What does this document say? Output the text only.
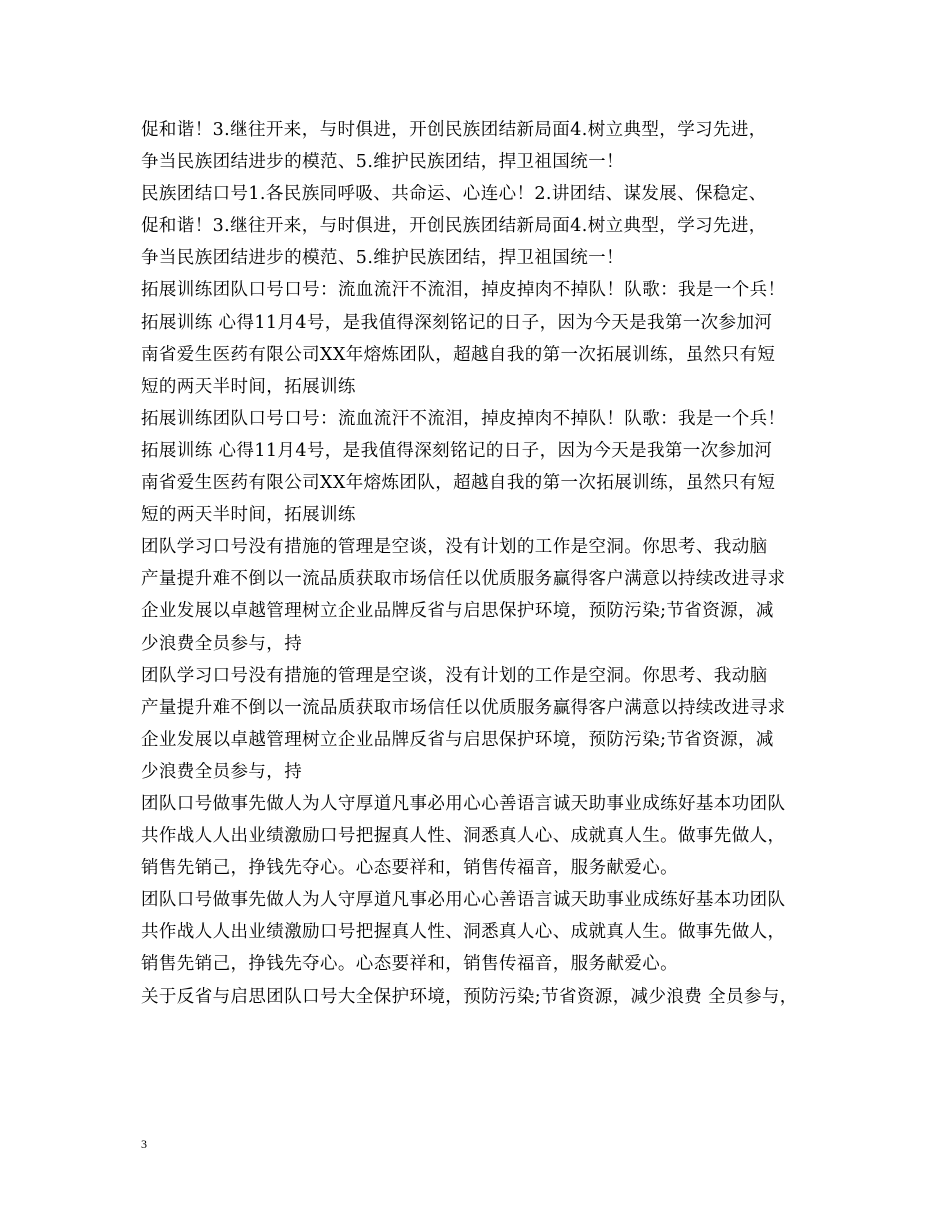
促和谐！3.继往开来，与时俱进，开创民族团结新局面4.树立典型，学习先进，
争当民族团结进步的模范、5.维护民族团结，捍卫祖国统一！
民族团结口号1.各民族同呼吸、共命运、心连心！2.讲团结、谋发展、保稳定、
促和谐！3.继往开来，与时俱进，开创民族团结新局面4.树立典型，学习先进，
争当民族团结进步的模范、5.维护民族团结，捍卫祖国统一！
拓展训练团队口号口号：流血流汗不流泪，掉皮掉肉不掉队！队歌：我是一个兵！
拓展训练 心得11月4号，是我值得深刻铭记的日子，因为今天是我第一次参加河
南省爱生医药有限公司XX年熔炼团队，超越自我的第一次拓展训练，虽然只有短
短的两天半时间，拓展训练
拓展训练团队口号口号：流血流汗不流泪，掉皮掉肉不掉队！队歌：我是一个兵！
拓展训练 心得11月4号，是我值得深刻铭记的日子，因为今天是我第一次参加河
南省爱生医药有限公司XX年熔炼团队，超越自我的第一次拓展训练，虽然只有短
短的两天半时间，拓展训练
团队学习口号没有措施的管理是空谈，没有计划的工作是空洞。你思考、我动脑
产量提升难不倒以一流品质获取市场信任以优质服务赢得客户满意以持续改进寻求
企业发展以卓越管理树立企业品牌反省与启思保护环境，预防污染;节省资源，减
少浪费全员参与，持
团队学习口号没有措施的管理是空谈，没有计划的工作是空洞。你思考、我动脑
产量提升难不倒以一流品质获取市场信任以优质服务赢得客户满意以持续改进寻求
企业发展以卓越管理树立企业品牌反省与启思保护环境，预防污染;节省资源，减
少浪费全员参与，持
团队口号做事先做人为人守厚道凡事必用心心善语言诚天助事业成练好基本功团队
共作战人人出业绩激励口号把握真人性、洞悉真人心、成就真人生。做事先做人，
销售先销己，挣钱先夺心。心态要祥和，销售传福音，服务献爱心。
团队口号做事先做人为人守厚道凡事必用心心善语言诚天助事业成练好基本功团队
共作战人人出业绩激励口号把握真人性、洞悉真人心、成就真人生。做事先做人，
销售先销己，挣钱先夺心。心态要祥和，销售传福音，服务献爱心。
关于反省与启思团队口号大全保护环境，预防污染;节省资源，减少浪费 全员参与，
3
